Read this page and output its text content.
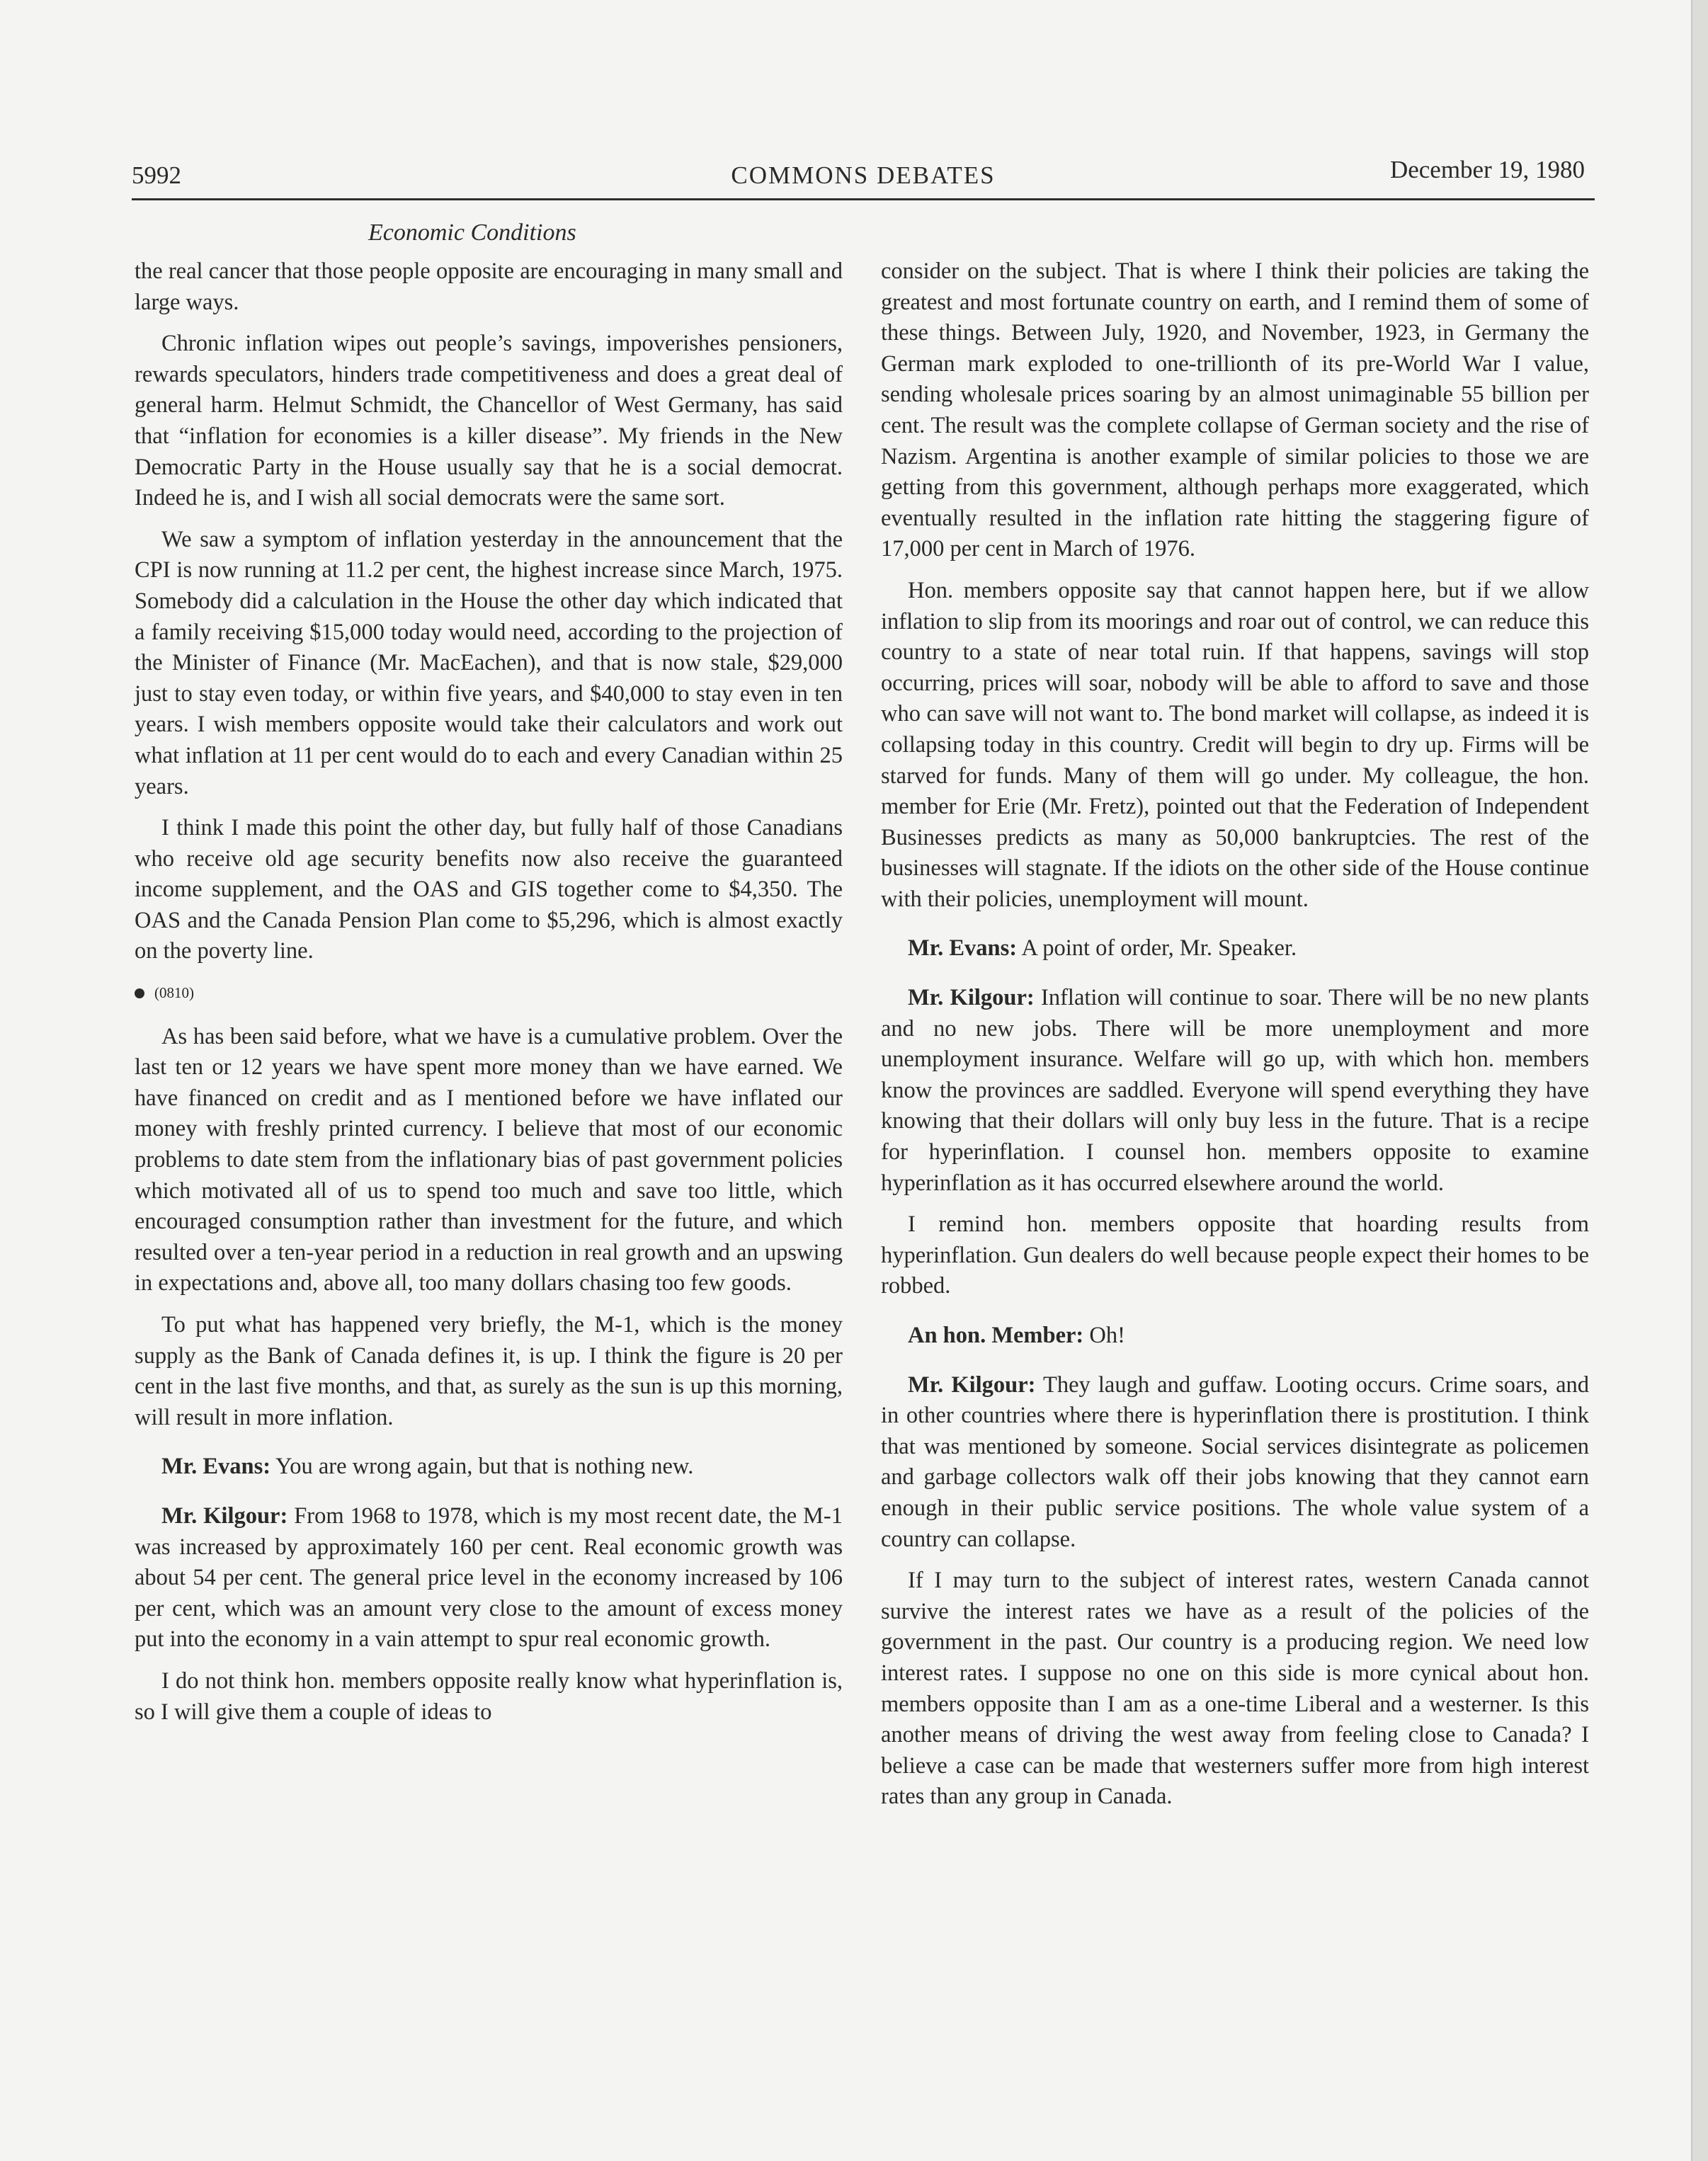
5992	COMMONS DEBATES	December 19, 1980
Economic Conditions

the real cancer that those people opposite are encouraging in many small and large ways.

Chronic inflation wipes out people’s savings, impoverishes pensioners, rewards speculators, hinders trade competitiveness and does a great deal of general harm. Helmut Schmidt, the Chancellor of West Germany, has said that “inflation for economies is a killer disease”. My friends in the New Democratic Party in the House usually say that he is a social democrat. Indeed he is, and I wish all social democrats were the same sort.

We saw a symptom of inflation yesterday in the announcement that the CPI is now running at 11.2 per cent, the highest increase since March, 1975. Somebody did a calculation in the House the other day which indicated that a family receiving $15,000 today would need, according to the projection of the Minister of Finance (Mr. MacEachen), and that is now stale, $29,000 just to stay even today, or within five years, and $40,000 to stay even in ten years. I wish members opposite would take their calculators and work out what inflation at 11 per cent would do to each and every Canadian within 25 years.

I think I made this point the other day, but fully half of those Canadians who receive old age security benefits now also receive the guaranteed income supplement, and the OAS and GIS together come to $4,350. The OAS and the Canada Pension Plan come to $5,296, which is almost exactly on the poverty line.

(0810)

As has been said before, what we have is a cumulative problem. Over the last ten or 12 years we have spent more money than we have earned. We have financed on credit and as I mentioned before we have inflated our money with freshly printed currency. I believe that most of our economic problems to date stem from the inflationary bias of past government policies which motivated all of us to spend too much and save too little, which encouraged consumption rather than investment for the future, and which resulted over a ten-year period in a reduction in real growth and an upswing in expectations and, above all, too many dollars chasing too few goods.

To put what has happened very briefly, the M-1, which is the money supply as the Bank of Canada defines it, is up. I think the figure is 20 per cent in the last five months, and that, as surely as the sun is up this morning, will result in more inflation.

Mr. Evans: You are wrong again, but that is nothing new.

Mr. Kilgour: From 1968 to 1978, which is my most recent date, the M-1 was increased by approximately 160 per cent. Real economic growth was about 54 per cent. The general price level in the economy increased by 106 per cent, which was an amount very close to the amount of excess money put into the economy in a vain attempt to spur real economic growth.

I do not think hon. members opposite really know what hyperinflation is, so I will give them a couple of ideas to

consider on the subject. That is where I think their policies are taking the greatest and most fortunate country on earth, and I remind them of some of these things. Between July, 1920, and November, 1923, in Germany the German mark exploded to one-trillionth of its pre-World War I value, sending wholesale prices soaring by an almost unimaginable 55 billion per cent. The result was the complete collapse of German society and the rise of Nazism. Argentina is another example of similar policies to those we are getting from this government, although perhaps more exaggerated, which eventually resulted in the inflation rate hitting the staggering figure of 17,000 per cent in March of 1976.

Hon. members opposite say that cannot happen here, but if we allow inflation to slip from its moorings and roar out of control, we can reduce this country to a state of near total ruin. If that happens, savings will stop occurring, prices will soar, nobody will be able to afford to save and those who can save will not want to. The bond market will collapse, as indeed it is collapsing today in this country. Credit will begin to dry up. Firms will be starved for funds. Many of them will go under. My colleague, the hon. member for Erie (Mr. Fretz), pointed out that the Federation of Independent Businesses predicts as many as 50,000 bankruptcies. The rest of the businesses will stagnate. If the idiots on the other side of the House continue with their policies, unemployment will mount.

Mr. Evans: A point of order, Mr. Speaker.

Mr. Kilgour: Inflation will continue to soar. There will be no new plants and no new jobs. There will be more unemployment and more unemployment insurance. Welfare will go up, with which hon. members know the provinces are saddled. Everyone will spend everything they have knowing that their dollars will only buy less in the future. That is a recipe for hyperinflation. I counsel hon. members opposite to examine hyperinflation as it has occurred elsewhere around the world.

I remind hon. members opposite that hoarding results from hyperinflation. Gun dealers do well because people expect their homes to be robbed.

An hon. Member: Oh!

Mr. Kilgour: They laugh and guffaw. Looting occurs. Crime soars, and in other countries where there is hyperinflation there is prostitution. I think that was mentioned by someone. Social services disintegrate as policemen and garbage collectors walk off their jobs knowing that they cannot earn enough in their public service positions. The whole value system of a country can collapse.

If I may turn to the subject of interest rates, western Canada cannot survive the interest rates we have as a result of the policies of the government in the past. Our country is a producing region. We need low interest rates. I suppose no one on this side is more cynical about hon. members opposite than I am as a one-time Liberal and a westerner. Is this another means of driving the west away from feeling close to Canada? I believe a case can be made that westerners suffer more from high interest rates than any group in Canada.
